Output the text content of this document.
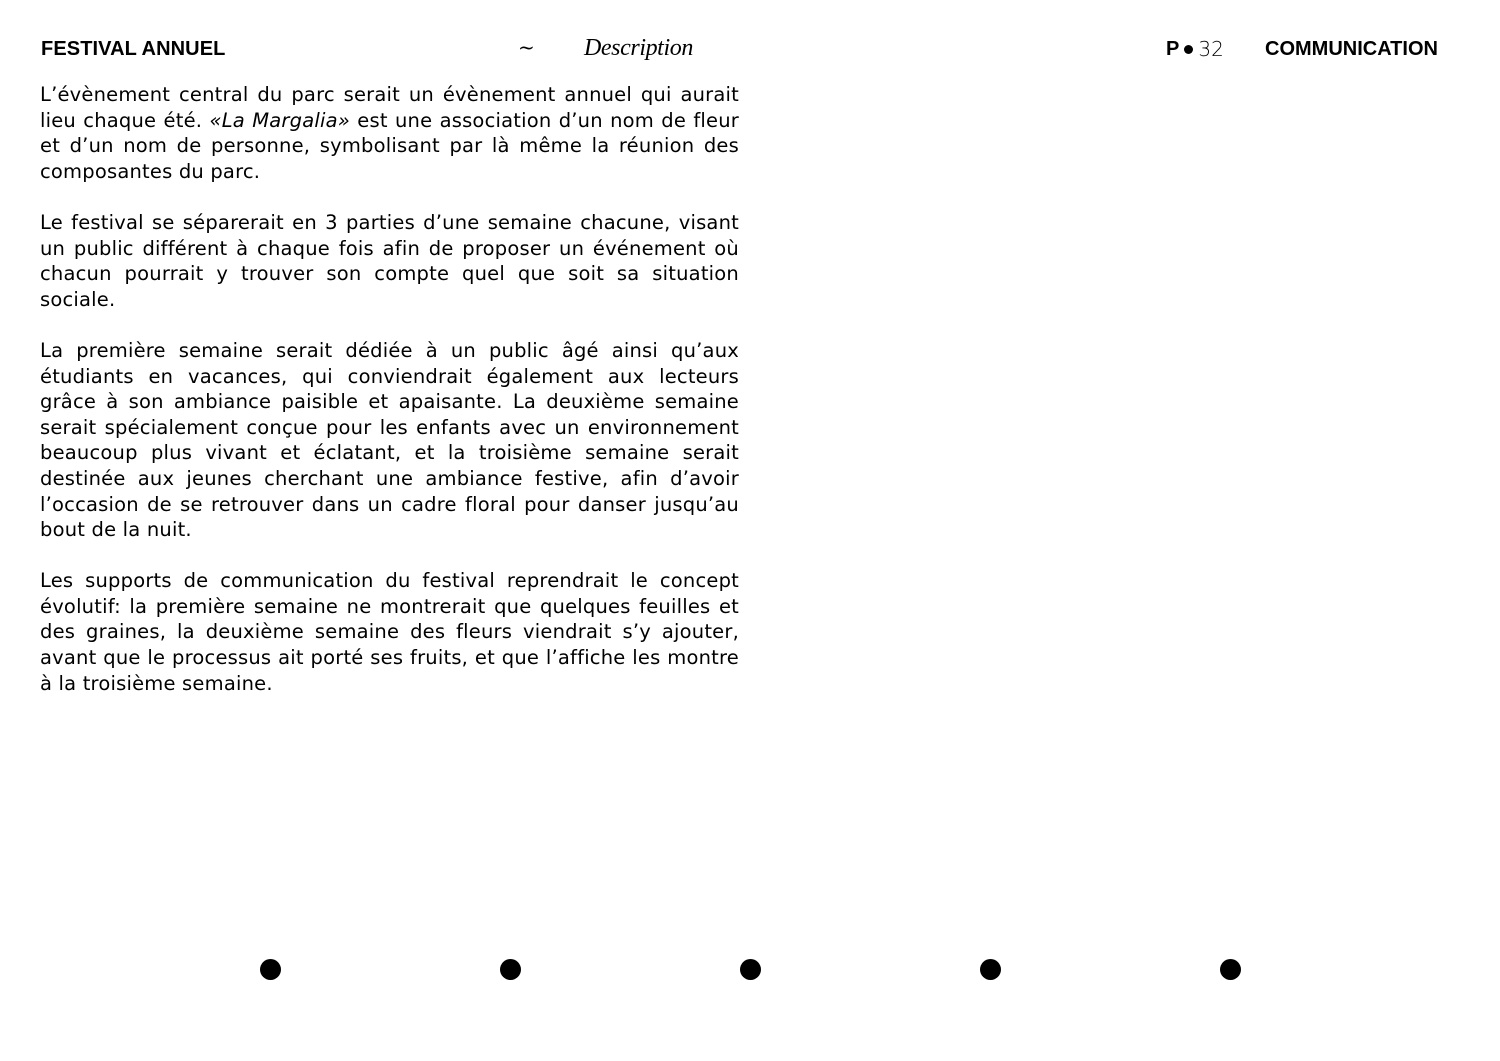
FESTIVAL ANNUEL	~ Description	P 32 COMMUNICATION

L’évènement central du parc serait un évènement annuel qui aurait lieu chaque été. «La Margalia» est une association d’un nom de fleur et d’un nom de personne, symbolisant par là même la réunion des composantes du parc.

Le festival se séparerait en 3 parties d’une semaine chacune, visant un public différent à chaque fois afin de proposer un événement où chacun pourrait y trouver son compte quel que soit sa situation sociale.

La première semaine serait dédiée à un public âgé ainsi qu’aux étudiants en vacances, qui conviendrait également aux lecteurs grâce à son ambiance paisible et apaisante. La deuxième semaine serait spécialement conçue pour les enfants avec un environnement beaucoup plus vivant et éclatant, et la troisième semaine serait destinée aux jeunes cherchant une ambiance festive, afin d’avoir l’occasion de se retrouver dans un cadre floral pour danser jusqu’au bout de la nuit.

Les supports de communication du festival reprendrait le concept évolutif: la première semaine ne montrerait que quelques feuilles et des graines, la deuxième semaine des fleurs viendrait s’y ajouter, avant que le processus ait porté ses fruits, et que l’affiche les montre à la troisième semaine.
